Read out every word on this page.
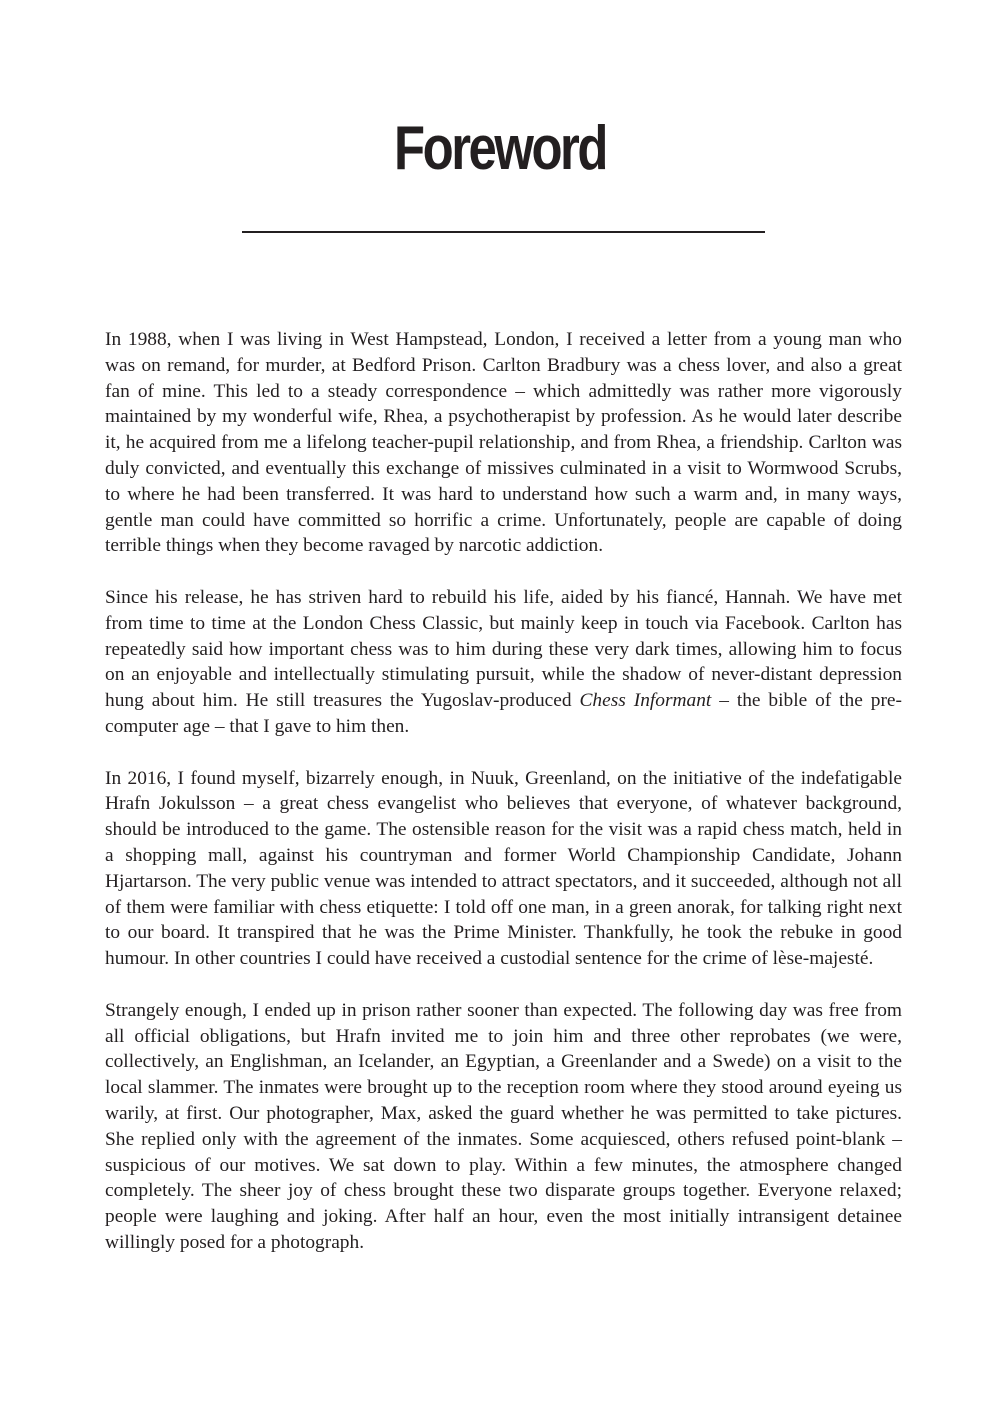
Foreword

In 1988, when I was living in West Hampstead, London, I received a letter from a young man who was on remand, for murder, at Bedford Prison. Carlton Bradbury was a chess lover, and also a great fan of mine. This led to a steady correspondence – which admittedly was rather more vigorously maintained by my wonderful wife, Rhea, a psychotherapist by profession. As he would later describe it, he acquired from me a lifelong teacher-pupil relationship, and from Rhea, a friendship. Carlton was duly convicted, and eventually this exchange of missives culminated in a visit to Wormwood Scrubs, to where he had been transferred. It was hard to understand how such a warm and, in many ways, gentle man could have committed so horrific a crime. Unfortunately, people are capable of doing terrible things when they become ravaged by narcotic addiction.

Since his release, he has striven hard to rebuild his life, aided by his fiancé, Hannah. We have met from time to time at the London Chess Classic, but mainly keep in touch via Facebook. Carlton has repeatedly said how important chess was to him during these very dark times, allowing him to focus on an enjoyable and intellectually stimulating pursuit, while the shadow of never-distant depression hung about him. He still treasures the Yugoslav-produced Chess Informant – the bible of the pre-computer age – that I gave to him then.

In 2016, I found myself, bizarrely enough, in Nuuk, Greenland, on the initiative of the indefatigable Hrafn Jokulsson – a great chess evangelist who believes that everyone, of whatever background, should be introduced to the game. The ostensible reason for the visit was a rapid chess match, held in a shopping mall, against his countryman and former World Championship Candidate, Johann Hjartarson. The very public venue was intended to attract spectators, and it succeeded, although not all of them were familiar with chess etiquette: I told off one man, in a green anorak, for talking right next to our board. It transpired that he was the Prime Minister. Thankfully, he took the rebuke in good humour. In other countries I could have received a custodial sentence for the crime of lèse-majesté.

Strangely enough, I ended up in prison rather sooner than expected. The following day was free from all official obligations, but Hrafn invited me to join him and three other reprobates (we were, collectively, an Englishman, an Icelander, an Egyptian, a Greenlander and a Swede) on a visit to the local slammer. The inmates were brought up to the reception room where they stood around eyeing us warily, at first. Our photographer, Max, asked the guard whether he was permitted to take pictures. She replied only with the agreement of the inmates. Some acquiesced, others refused point-blank – suspicious of our motives. We sat down to play. Within a few minutes, the atmosphere changed completely. The sheer joy of chess brought these two disparate groups together. Everyone relaxed; people were laughing and joking. After half an hour, even the most initially intransigent detainee willingly posed for a photograph.
